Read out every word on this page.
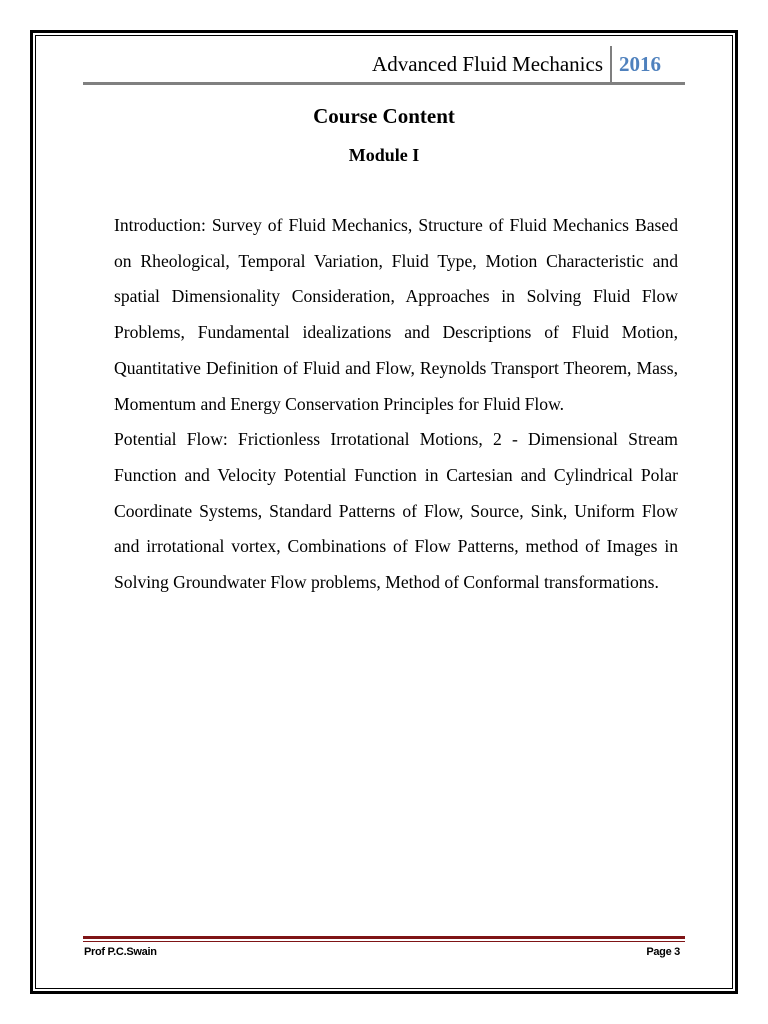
Advanced Fluid Mechanics 2016
Course Content
Module I

Introduction: Survey of Fluid Mechanics, Structure of Fluid Mechanics Based on Rheological, Temporal Variation, Fluid Type, Motion Characteristic and spatial Dimensionality Consideration, Approaches in Solving Fluid Flow Problems, Fundamental idealizations and Descriptions of Fluid Motion, Quantitative Definition of Fluid and Flow, Reynolds Transport Theorem, Mass, Momentum and Energy Conservation Principles for Fluid Flow.

Potential Flow: Frictionless Irrotational Motions, 2 - Dimensional Stream Function and Velocity Potential Function in Cartesian and Cylindrical Polar Coordinate Systems, Standard Patterns of Flow, Source, Sink, Uniform Flow and irrotational vortex, Combinations of Flow Patterns, method of Images in Solving Groundwater Flow problems, Method of Conformal transformations.

Prof P.C.Swain	Page 3
